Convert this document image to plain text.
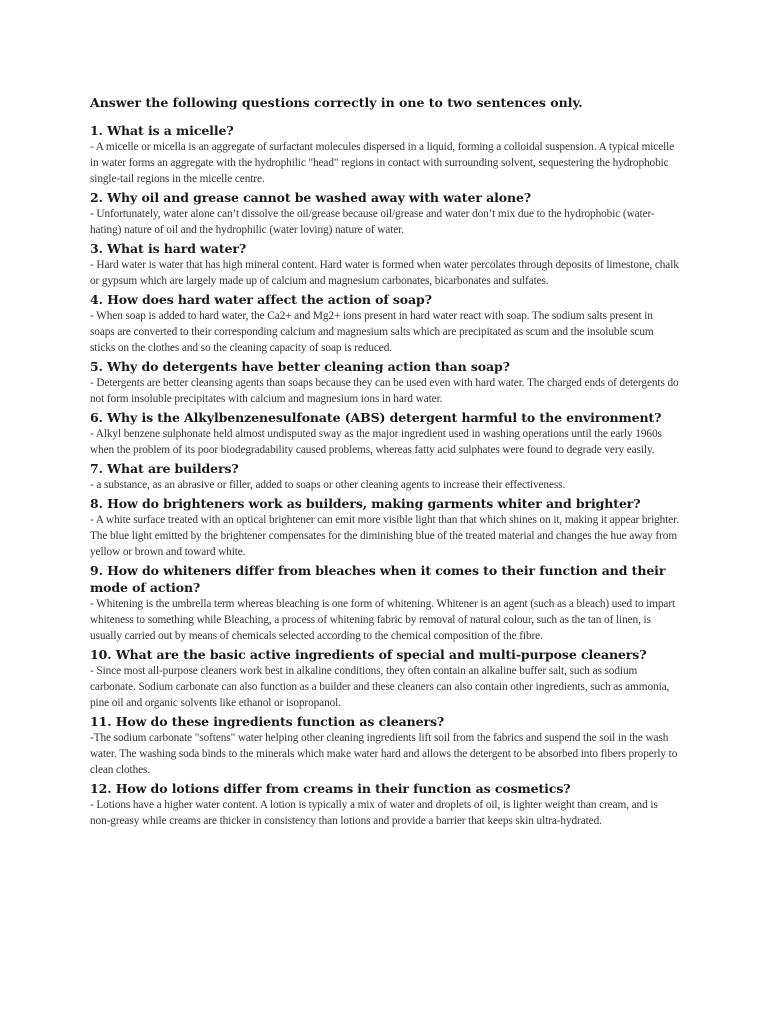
Answer the following questions correctly in one to two sentences only.

1. What is a micelle?

- A micelle or micella is an aggregate of surfactant molecules dispersed in a liquid, forming a colloidal suspension. A typical micelle in water forms an aggregate with the hydrophilic "head" regions in contact with surrounding solvent, sequestering the hydrophobic single-tail regions in the micelle centre.

2. Why oil and grease cannot be washed away with water alone?

- Unfortunately, water alone can’t dissolve the oil/grease because oil/grease and water don’t mix due to the hydrophobic (water-hating) nature of oil and the hydrophilic (water loving) nature of water.

3. What is hard water?

- Hard water is water that has high mineral content. Hard water is formed when water percolates through deposits of limestone, chalk or gypsum which are largely made up of calcium and magnesium carbonates, bicarbonates and sulfates.

4. How does hard water affect the action of soap?

- When soap is added to hard water, the Ca2+ and Mg2+ ions present in hard water react with soap. The sodium salts present in soaps are converted to their corresponding calcium and magnesium salts which are precipitated as scum and the insoluble scum sticks on the clothes and so the cleaning capacity of soap is reduced.

5. Why do detergents have better cleaning action than soap?

- Detergents are better cleansing agents than soaps because they can be used even with hard water. The charged ends of detergents do not form insoluble precipitates with calcium and magnesium ions in hard water.

6. Why is the Alkylbenzenesulfonate (ABS) detergent harmful to the environment?

- Alkyl benzene sulphonate held almost undisputed sway as the major ingredient used in washing operations until the early 1960s when the problem of its poor biodegradability caused problems, whereas fatty acid sulphates were found to degrade very easily.

7. What are builders?

- a substance, as an abrasive or filler, added to soaps or other cleaning agents to increase their effectiveness.

8. How do brighteners work as builders, making garments whiter and brighter?

- A white surface treated with an optical brightener can emit more visible light than that which shines on it, making it appear brighter. The blue light emitted by the brightener compensates for the diminishing blue of the treated material and changes the hue away from yellow or brown and toward white.

9. How do whiteners differ from bleaches when it comes to their function and their mode of action?

- Whitening is the umbrella term whereas bleaching is one form of whitening. Whitener is an agent (such as a bleach) used to impart whiteness to something while Bleaching, a process of whitening fabric by removal of natural colour, such as the tan of linen, is usually carried out by means of chemicals selected according to the chemical composition of the fibre.

10. What are the basic active ingredients of special and multi-purpose cleaners?

- Since most all-purpose cleaners work best in alkaline conditions, they often contain an alkaline buffer salt, such as sodium carbonate. Sodium carbonate can also function as a builder and these cleaners can also contain other ingredients, such as ammonia, pine oil and organic solvents like ethanol or isopropanol.

11. How do these ingredients function as cleaners?

-The sodium carbonate "softens" water helping other cleaning ingredients lift soil from the fabrics and suspend the soil in the wash water. The washing soda binds to the minerals which make water hard and allows the detergent to be absorbed into fibers properly to clean clothes.

12. How do lotions differ from creams in their function as cosmetics?

- Lotions have a higher water content. A lotion is typically a mix of water and droplets of oil, is lighter weight than cream, and is non-greasy while creams are thicker in consistency than lotions and provide a barrier that keeps skin ultra-hydrated.
